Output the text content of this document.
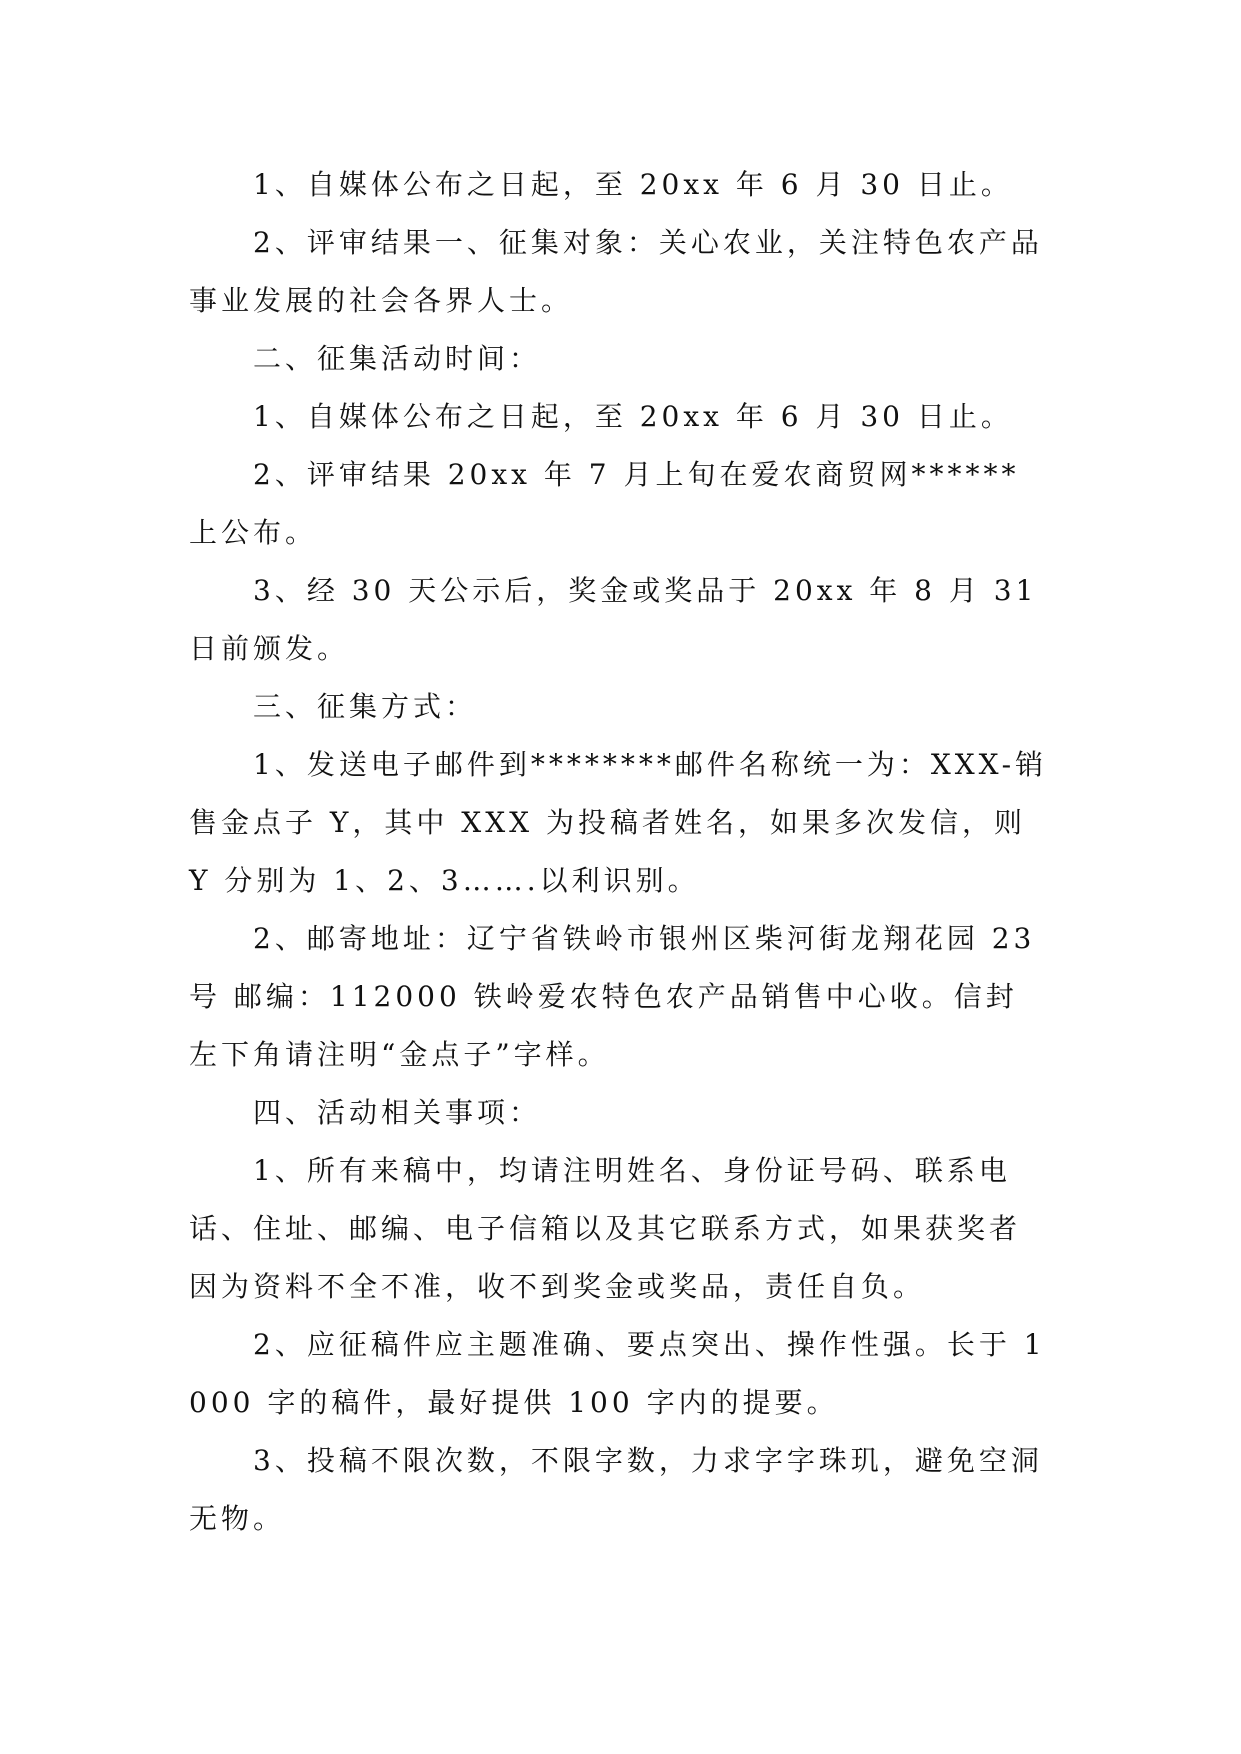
1、自媒体公布之日起，至 20xx 年 6 月 30 日止。

2、评审结果一、征集对象：关心农业，关注特色农产品事业发展的社会各界人士。

二、征集活动时间：

1、自媒体公布之日起，至 20xx 年 6 月 30 日止。

2、评审结果 20xx 年 7 月上旬在爱农商贸网******上公布。

3、经 30 天公示后，奖金或奖品于 20xx 年 8 月 31 日前颁发。

三、征集方式：

1、发送电子邮件到********邮件名称统一为：XXX-销售金点子 Y，其中 XXX 为投稿者姓名，如果多次发信，则 Y 分别为 1、2、3…….以利识别。

2、邮寄地址：辽宁省铁岭市银州区柴河街龙翔花园 23 号 邮编：112000 铁岭爱农特色农产品销售中心收。信封左下角请注明“金点子”字样。

四、活动相关事项：

1、所有来稿中，均请注明姓名、身份证号码、联系电话、住址、邮编、电子信箱以及其它联系方式，如果获奖者因为资料不全不准，收不到奖金或奖品，责任自负。

2、应征稿件应主题准确、要点突出、操作性强。长于 1000 字的稿件，最好提供 100 字内的提要。

3、投稿不限次数，不限字数，力求字字珠玑，避免空洞无物。
